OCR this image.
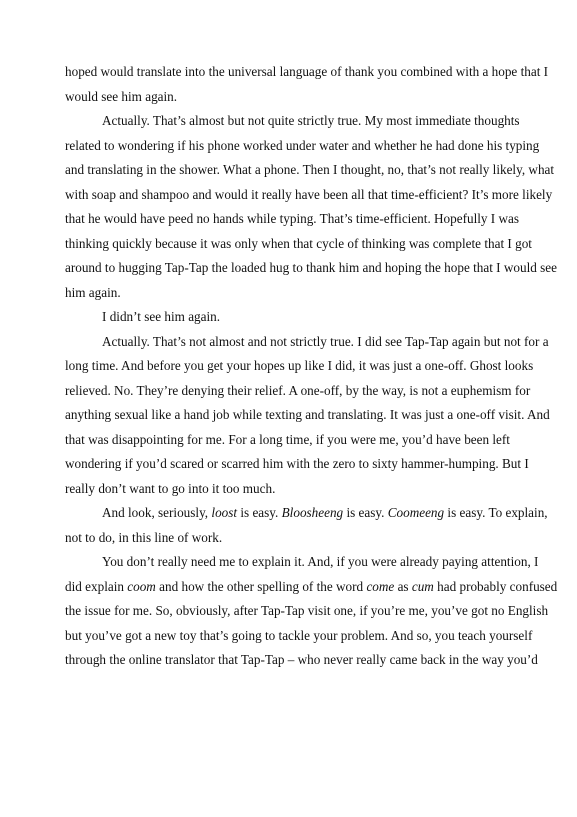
hoped would translate into the universal language of thank you combined with a hope that I
would see him again.

Actually. That’s almost but not quite strictly true. My most immediate thoughts
related to wondering if his phone worked under water and whether he had done his typing
and translating in the shower. What a phone. Then I thought, no, that’s not really likely, what
with soap and shampoo and would it really have been all that time-efficient? It’s more likely
that he would have peed no hands while typing. That’s time-efficient. Hopefully I was
thinking quickly because it was only when that cycle of thinking was complete that I got
around to hugging Tap-Tap the loaded hug to thank him and hoping the hope that I would see
him again.

I didn’t see him again.

Actually. That’s not almost and not strictly true. I did see Tap-Tap again but not for a
long time. And before you get your hopes up like I did, it was just a one-off. Ghost looks
relieved. No. They’re denying their relief. A one-off, by the way, is not a euphemism for
anything sexual like a hand job while texting and translating. It was just a one-off visit. And
that was disappointing for me. For a long time, if you were me, you’d have been left
wondering if you’d scared or scarred him with the zero to sixty hammer-humping. But I
really don’t want to go into it too much.

And look, seriously, loost is easy. Bloosheeng is easy. Coomeeng is easy. To explain,
not to do, in this line of work.

You don’t really need me to explain it. And, if you were already paying attention, I
did explain coom and how the other spelling of the word come as cum had probably confused
the issue for me. So, obviously, after Tap-Tap visit one, if you’re me, you’ve got no English
but you’ve got a new toy that’s going to tackle your problem. And so, you teach yourself
through the online translator that Tap-Tap – who never really came back in the way you’d
